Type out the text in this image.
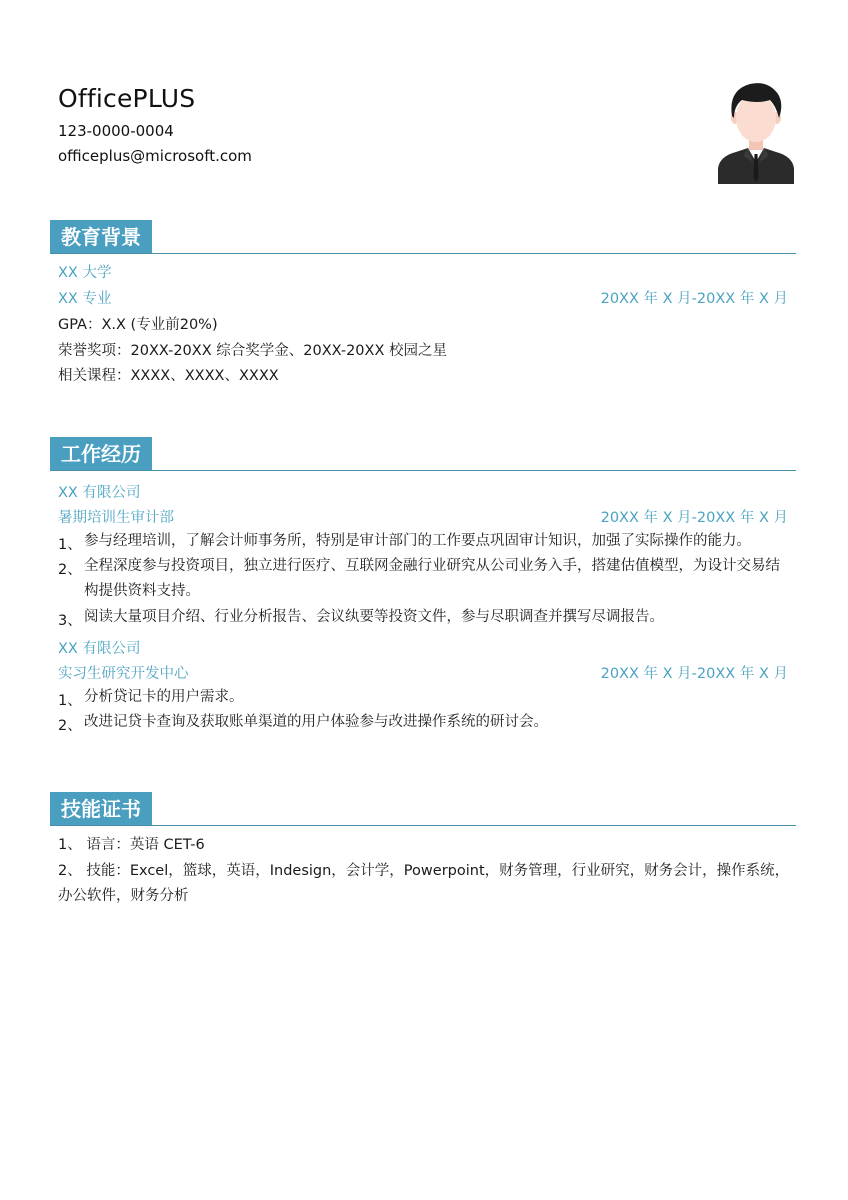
OfficePLUS
123-0000-0004
officeplus@microsoft.com
教育背景
XX 大学
XX 专业	20XX 年 X 月-20XX 年 X 月
GPA：X.X (专业前20%)
荣誉奖项：20XX-20XX 综合奖学金、20XX-20XX 校园之星
相关课程：XXXX、XXXX、XXXX
工作经历
XX 有限公司
暑期培训生审计部	20XX 年 X 月-20XX 年 X 月
1、 参与经理培训，了解会计师事务所，特别是审计部门的工作要点巩固审计知识，加强了实际操作的能力。
2、 全程深度参与投资项目，独立进行医疗、互联网金融行业研究从公司业务入手，搭建估值模型，为设计交易结构提供资料支持。
3、 阅读大量项目介绍、行业分析报告、会议纨要等投资文件，参与尽职调查并撰写尽调报告。
XX 有限公司
实习生研究开发中心	20XX 年 X 月-20XX 年 X 月
1、 分析贷记卡的用户需求。
2、 改进记贷卡查询及获取账单渠道的用户体验参与改进操作系统的研讨会。
技能证书
1、 语言：英语 CET-6
2、 技能：Excel，篮球，英语，Indesign，会计学，Powerpoint，财务管理，行业研究，财务会计，操作系统，
办公软件，财务分析
